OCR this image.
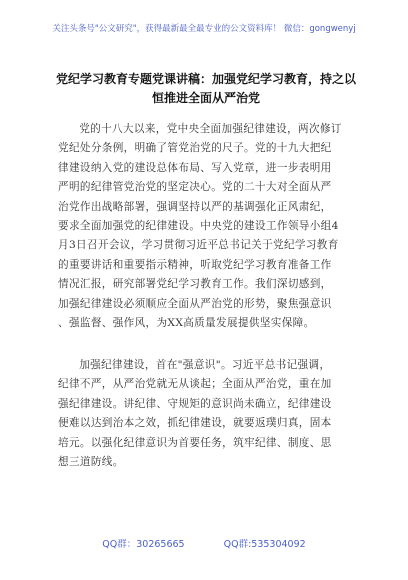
关注头条号"公文研究"，获得最新最全最专业的公文资料库！ 微信：gongwenyj
党纪学习教育专题党课讲稿：加强党纪学习教育，持之以
恒推进全面从严治党
党的十八大以来，党中央全面加强纪律建设，两次修订
党纪处分条例，明确了管党治党的尺子。党的十九大把纪
律建设纳入党的建设总体布局、写入党章，进一步表明用
严明的纪律管党治党的坚定决心。党的二十大对全面从严
治党作出战略部署，强调坚持以严的基调强化正风肃纪，
要求全面加强党的纪律建设。中央党的建设工作领导小组4
月3日召开会议，学习贯彻习近平总书记关于党纪学习教育
的重要讲话和重要指示精神，听取党纪学习教育准备工作
情况汇报，研究部署党纪学习教育工作。我们深切感到，
加强纪律建设必须顺应全面从严治党的形势，聚焦强意识
、强监督、强作风，为XX高质量发展提供坚实保障。
加强纪律建设，首在"强意识"。习近平总书记强调，
纪律不严，从严治党就无从谈起；全面从严治党，重在加
强纪律建设。讲纪律、守规矩的意识尚未确立，纪律建设
便难以达到治本之效，抓纪律建设，就要返璞归真，固本
培元。以强化纪律意识为首要任务，筑牢纪律、制度、思
想三道防线。
QQ群：30265665	QQ群:535304092
